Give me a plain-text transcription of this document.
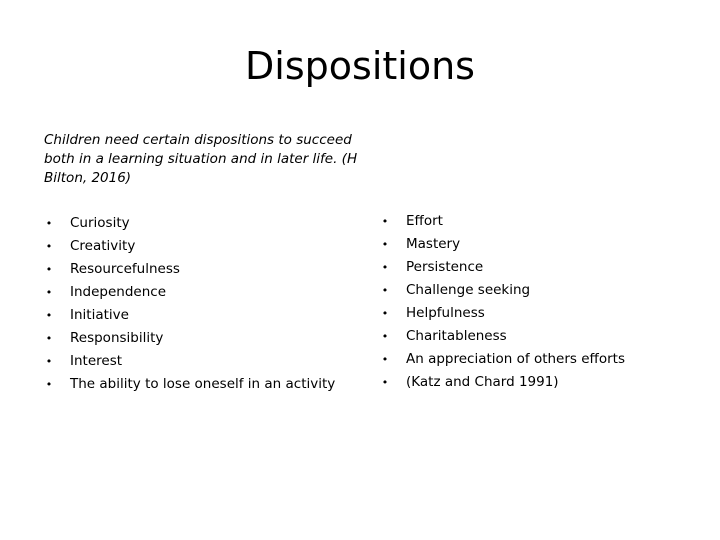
Dispositions
Children need certain dispositions to succeed both in a learning situation and in later life. (H Bilton, 2016)
• Curiosity
• Creativity
• Resourcefulness
• Independence
• Initiative
• Responsibility
• Interest
• The ability to lose oneself in an activity
• Effort
• Mastery
• Persistence
• Challenge seeking
• Helpfulness
• Charitableness
• An appreciation of others efforts
• (Katz and Chard 1991)
